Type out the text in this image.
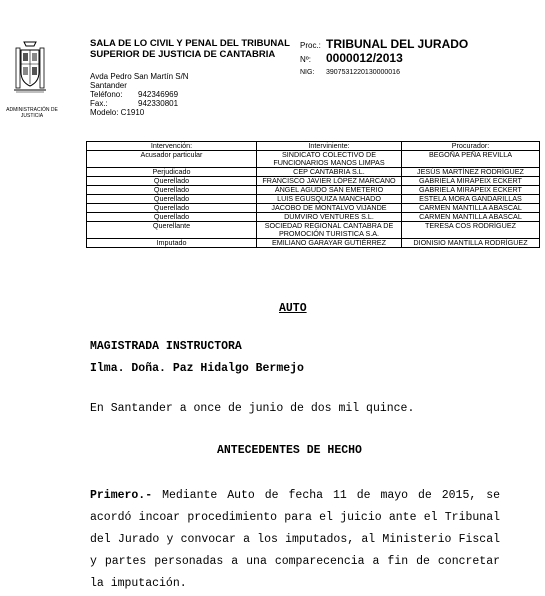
ADMINISTRACIÓN DE JUSTICIA
SALA DE LO CIVIL Y PENAL DEL TRIBUNAL SUPERIOR DE JUSTICIA DE CANTABRIA
Avda Pedro San Martín S/N
Santander
Teléfono: 942346969
Fax.:	942330801
Modelo: C1910
Proc.: TRIBUNAL DEL JURADO
Nº: 0000012/2013
NIG: 3907531220130000016
Intervención:	Interviniente:	Procurador:
Acusador particular	SINDICATO COLECTIVO DE FUNCIONARIOS MANOS LIMPAS	BEGOÑA PEÑA REVILLA
Perjudicado	CEP CANTABRIA S.L.	JESÚS MARTÍNEZ RODRÍGUEZ
Querellado	FRANCISCO JAVIER LÓPEZ MARCANO	GABRIELA MIRAPEIX ECKERT
Querellado	ÁNGEL AGUDO SAN EMETERIO	GABRIELA MIRAPEIX ECKERT
Querellado	LUIS EGUSQUIZA MANCHADO	ESTELA MORA GANDARILLAS
Querellado	JACOBO DE MONTALVO VIJANDE	CARMEN MANTILLA ABASCAL
Querellado	DUMVIRO VENTURES S.L.	CARMEN MANTILLA ABASCAL
Querellante	SOCIEDAD REGIONAL CANTABRA DE PROMOCIÓN TURISTICA S.A.	TERESA COS RODRÍGUEZ
Imputado	EMILIANO GARAYAR GUTIÉRREZ	DIONISIO MANTILLA RODRÍGUEZ
AUTO
MAGISTRADA INSTRUCTORA
Ilma. Doña. Paz Hidalgo Bermejo
En Santander a once de junio de dos mil quince.
ANTECEDENTES DE HECHO
Primero.- Mediante Auto de fecha 11 de mayo de 2015, se acordó incoar procedimiento para el juicio ante el Tribunal del Jurado y convocar a los imputados, al Ministerio Fiscal y partes personadas a una comparecencia a fin de concretar la imputación.
